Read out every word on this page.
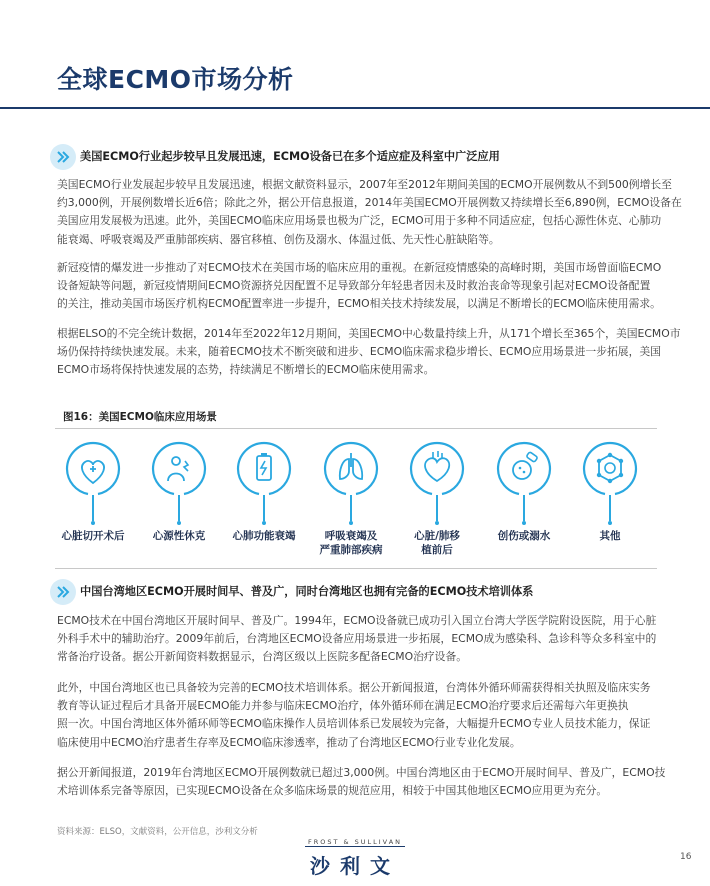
全球ECMO市场分析
美国ECMO行业起步较早且发展迅速，ECMO设备已在多个适应症及科室中广泛应用
美国ECMO行业发展起步较早且发展迅速，根据文献资料显示，2007年至2012年期间美国的ECMO开展例数从不到500例增长至
约3,000例，开展例数增长近6倍；除此之外，据公开信息报道，2014年美国ECMO开展例数又持续增长至6,890例，ECMO设备在
美国应用发展极为迅速。此外，美国ECMO临床应用场景也极为广泛，ECMO可用于多种不同适应症，包括心源性休克、心肺功
能衰竭、呼吸衰竭及严重肺部疾病、器官移植、创伤及溺水、体温过低、先天性心脏缺陷等。
新冠疫情的爆发进一步推动了对ECMO技术在美国市场的临床应用的重视。在新冠疫情感染的高峰时期，美国市场曾面临ECMO
设备短缺等问题，新冠疫情期间ECMO资源挤兑因配置不足导致部分年轻患者因未及时救治丧命等现象引起对ECMO设备配置
的关注，推动美国市场医疗机构ECMO配置率进一步提升，ECMO相关技术持续发展，以满足不断增长的ECMO临床使用需求。
根据ELSO的不完全统计数据，2014年至2022年12月期间，美国ECMO中心数量持续上升，从171个增长至365个，美国ECMO市
场仍保持持续快速发展。未来，随着ECMO技术不断突破和进步、ECMO临床需求稳步增长、ECMO应用场景进一步拓展，美国
ECMO市场将保持快速发展的态势，持续满足不断增长的ECMO临床使用需求。
图16：美国ECMO临床应用场景
心脏切开术后	心源性休克	心肺功能衰竭	呼吸衰竭及
严重肺部疾病
心脏/肺移
植前后
创伤或溺水	其他
中国台湾地区ECMO开展时间早、普及广，同时台湾地区也拥有完备的ECMO技术培训体系
ECMO技术在中国台湾地区开展时间早、普及广。1994年，ECMO设备就已成功引入国立台湾大学医学院附设医院，用于心脏
外科手术中的辅助治疗。2009年前后，台湾地区ECMO设备应用场景进一步拓展，ECMO成为感染科、急诊科等众多科室中的
常备治疗设备。据公开新闻资料数据显示，台湾区级以上医院多配备ECMO治疗设备。
此外，中国台湾地区也已具备较为完善的ECMO技术培训体系。据公开新闻报道，台湾体外循环师需获得相关执照及临床实务
教育等认证过程后才具备开展ECMO能力并参与临床ECMO治疗，体外循环师在满足ECMO治疗要求后还需每六年更换执
照一次。中国台湾地区体外循环师等ECMO临床操作人员培训体系已发展较为完备，大幅提升ECMO专业人员技术能力，保证
临床使用中ECMO治疗患者生存率及ECMO临床渗透率，推动了台湾地区ECMO行业专业化发展。
据公开新闻报道，2019年台湾地区ECMO开展例数就已超过3,000例。中国台湾地区由于ECMO开展时间早、普及广，ECMO技
术培训体系完备等原因，已实现ECMO设备在众多临床场景的规范应用，相较于中国其他地区ECMO应用更为充分。
资料来源：ELSO，文献资料，公开信息，沙利文分析
FROST & SULLIVAN
沙利文	16
